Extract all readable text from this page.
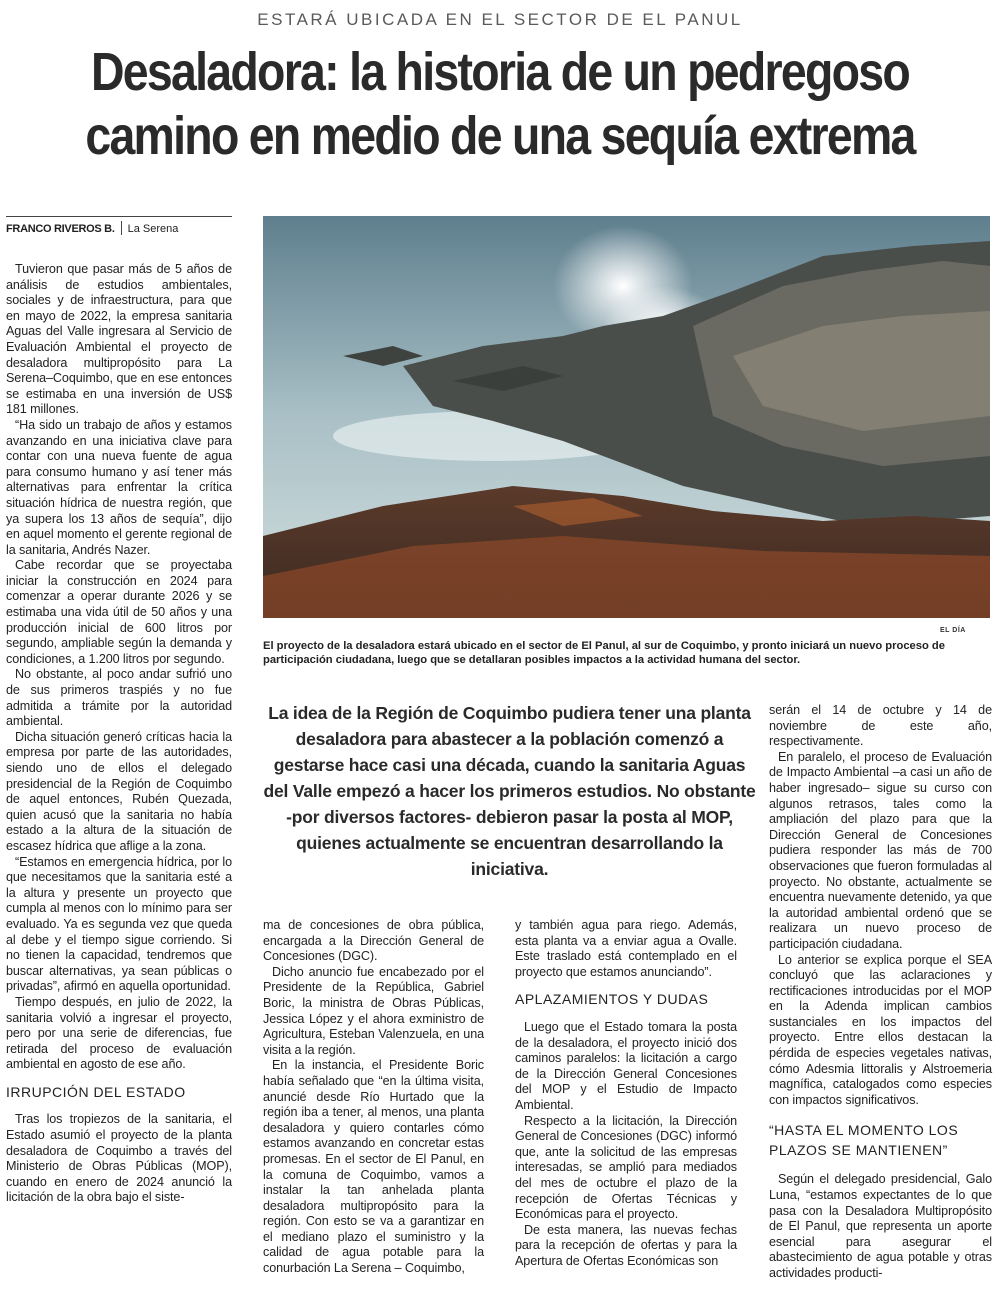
ESTARÁ UBICADA EN EL SECTOR DE EL PANUL
Desaladora: la historia de un pedregoso
camino en medio de una sequía extrema
FRANCO RIVEROS B. La Serena

Tuvieron que pasar más de 5 años de análisis de estudios ambientales, sociales y de infraestructura, para que en mayo de 2022, la empresa sanitaria Aguas del Valle ingresara al Servicio de Evaluación Ambiental el proyecto de desaladora multipropósito para La Serena–Coquimbo, que en ese entonces se estimaba en una inversión de US$ 181 millones.

“Ha sido un trabajo de años y estamos avanzando en una iniciativa clave para contar con una nueva fuente de agua para consumo humano y así tener más alternativas para enfrentar la crítica situación hídrica de nuestra región, que ya supera los 13 años de sequía”, dijo en aquel momento el gerente regional de la sanitaria, Andrés Nazer.

Cabe recordar que se proyectaba iniciar la construcción en 2024 para comenzar a operar durante 2026 y se estimaba una vida útil de 50 años y una producción inicial de 600 litros por segundo, ampliable según la demanda y condiciones, a 1.200 litros por segundo.

No obstante, al poco andar sufrió uno de sus primeros traspiés y no fue admitida a trámite por la autoridad ambiental.

Dicha situación generó críticas hacia la empresa por parte de las autoridades, siendo uno de ellos el delegado presidencial de la Región de Coquimbo de aquel entonces, Rubén Quezada, quien acusó que la sanitaria no había estado a la altura de la situación de escasez hídrica que aflige a la zona.

“Estamos en emergencia hídrica, por lo que necesitamos que la sanitaria esté a la altura y presente un proyecto que cumpla al menos con lo mínimo para ser evaluado. Ya es segunda vez que queda al debe y el tiempo sigue corriendo. Si no tienen la capacidad, tendremos que buscar alternativas, ya sean públicas o privadas”, afirmó en aquella oportunidad.

Tiempo después, en julio de 2022, la sanitaria volvió a ingresar el proyecto, pero por una serie de diferencias, fue retirada del proceso de evaluación ambiental en agosto de ese año.

IRRUPCIÓN DEL ESTADO

Tras los tropiezos de la sanitaria, el Estado asumió el proyecto de la planta desaladora de Coquimbo a través del Ministerio de Obras Públicas (MOP), cuando en enero de 2024 anunció la licitación de la obra bajo el siste-

EL DÍA
El proyecto de la desaladora estará ubicado en el sector de El Panul, al sur de Coquimbo, y pronto iniciará un nuevo proceso de participación ciudadana, luego que se detallaran posibles impactos a la actividad humana del sector.
La idea de la Región de Coquimbo pudiera tener una planta desaladora para abastecer a la población comenzó a gestarse hace casi una década, cuando la sanitaria Aguas del Valle empezó a hacer los primeros estudios. No obstante -por diversos factores- debieron pasar la posta al MOP, quienes actualmente se encuentran desarrollando la iniciativa.

ma de concesiones de obra pública, encargada a la Dirección General de Concesiones (DGC).

Dicho anuncio fue encabezado por el Presidente de la República, Gabriel Boric, la ministra de Obras Públicas, Jessica López y el ahora exministro de Agricultura, Esteban Valenzuela, en una visita a la región.

En la instancia, el Presidente Boric había señalado que “en la última visita, anuncié desde Río Hurtado que la región iba a tener, al menos, una planta desaladora y quiero contarles cómo estamos avanzando en concretar estas promesas. En el sector de El Panul, en la comuna de Coquimbo, vamos a instalar la tan anhelada planta desaladora multipropósito para la región. Con esto se va a garantizar en el mediano plazo el suministro y la calidad de agua potable para la conurbación La Serena – Coquimbo,

y también agua para riego. Además, esta planta va a enviar agua a Ovalle. Este traslado está contemplado en el proyecto que estamos anunciando”.

APLAZAMIENTOS Y DUDAS

Luego que el Estado tomara la posta de la desaladora, el proyecto inició dos caminos paralelos: la licitación a cargo de la Dirección General Concesiones del MOP y el Estudio de Impacto Ambiental.

Respecto a la licitación, la Dirección General de Concesiones (DGC) informó que, ante la solicitud de las empresas interesadas, se amplió para mediados del mes de octubre el plazo de la recepción de Ofertas Técnicas y Económicas para el proyecto.

De esta manera, las nuevas fechas para la recepción de ofertas y para la Apertura de Ofertas Económicas son

serán el 14 de octubre y 14 de noviembre de este año, respectivamente.

En paralelo, el proceso de Evaluación de Impacto Ambiental –a casi un año de haber ingresado– sigue su curso con algunos retrasos, tales como la ampliación del plazo para que la Dirección General de Concesiones pudiera responder las más de 700 observaciones que fueron formuladas al proyecto. No obstante, actualmente se encuentra nuevamente detenido, ya que la autoridad ambiental ordenó que se realizara un nuevo proceso de participación ciudadana.

Lo anterior se explica porque el SEA concluyó que las aclaraciones y rectificaciones introducidas por el MOP en la Adenda implican cambios sustanciales en los impactos del proyecto. Entre ellos destacan la pérdida de especies vegetales nativas, cómo Adesmia littoralis y Alstroemeria magnífica, catalogados como especies con impactos significativos.

“HASTA EL MOMENTO LOS PLAZOS SE MANTIENEN”

Según el delegado presidencial, Galo Luna, “estamos expectantes de lo que pasa con la Desaladora Multipropósito de El Panul, que representa un aporte esencial para asegurar el abastecimiento de agua potable y otras actividades producti-
